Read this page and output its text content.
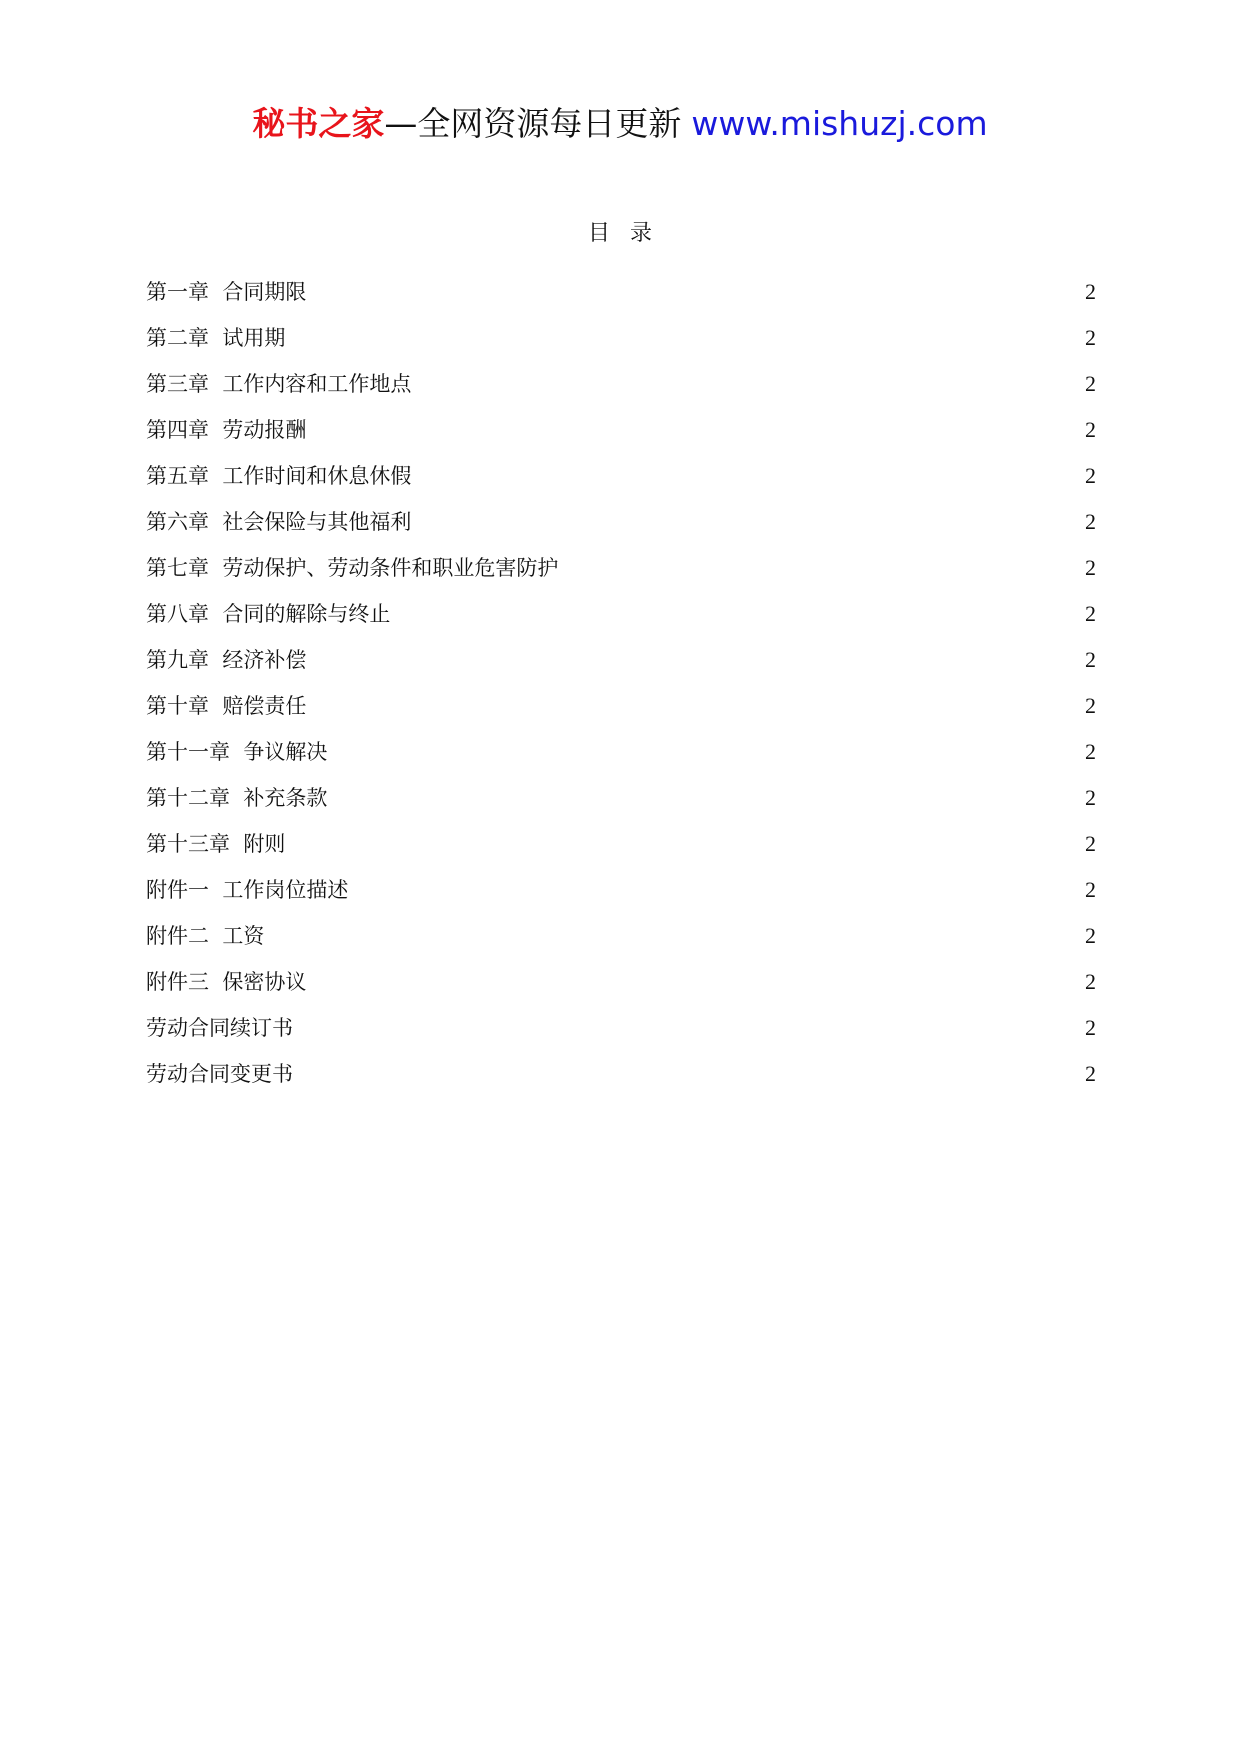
秘书之家—全网资源每日更新 www.mishuzj.com
目录
第一章  合同期限	2
第二章  试用期	2
第三章  工作内容和工作地点	2
第四章  劳动报酬	2
第五章  工作时间和休息休假	2
第六章  社会保险与其他福利	2
第七章  劳动保护、劳动条件和职业危害防护	2
第八章  合同的解除与终止	2
第九章  经济补偿	2
第十章  赔偿责任	2
第十一章  争议解决	2
第十二章  补充条款	2
第十三章  附则	2
附件一  工作岗位描述	2
附件二  工资	2
附件三  保密协议	2
劳动合同续订书	2
劳动合同变更书	2
